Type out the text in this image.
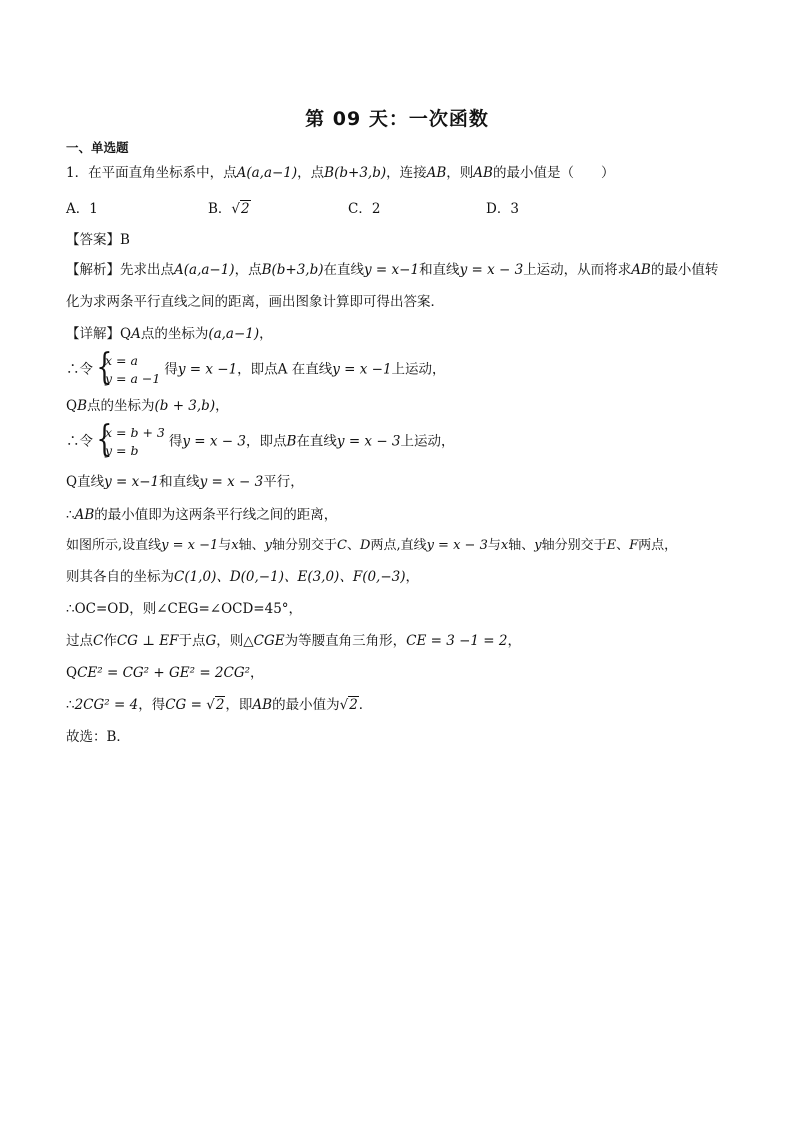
第 09 天：一次函数
一、单选题
1．在平面直角坐标系中，点A(a,a−1)，点B(b+3,b)，连接AB，则AB的最小值是（　　）
A．1	B．√2	C．2	D．3
【答案】B
【解析】先求出点A(a,a−1)，点B(b+3,b)在直线y = x−1和直线y = x − 3上运动，从而将求AB的最小值转
化为求两条平行直线之间的距离，画出图象计算即可得出答案．
【详解】QA点的坐标为(a,a−1)，
∴令
{ x = a
y = a −1
得y = x −1，即点A 在直线y = x −1上运动，
QB点的坐标为(b + 3,b)，
∴令
{ x = b + 3
y = b
得y = x − 3，即点B在直线y = x − 3上运动，
Q直线y = x−1和直线y = x − 3平行，
∴AB的最小值即为这两条平行线之间的距离，
如图所示,设直线y = x −1与x轴、y轴分别交于C、D两点,直线y = x − 3与x轴、y轴分别交于E、F两点，
则其各自的坐标为C(1,0)、D(0,−1)、E(3,0)、F(0,−3)，
∴OC=OD，则∠CEG=∠OCD=45°，
过点C作CG ⊥ EF于点G，则△CGE为等腰直角三角形，CE = 3 −1 = 2，
QCE² = CG² + GE² = 2CG²，
∴2CG² = 4，得CG = √2，即AB的最小值为√2．
故选：B．
